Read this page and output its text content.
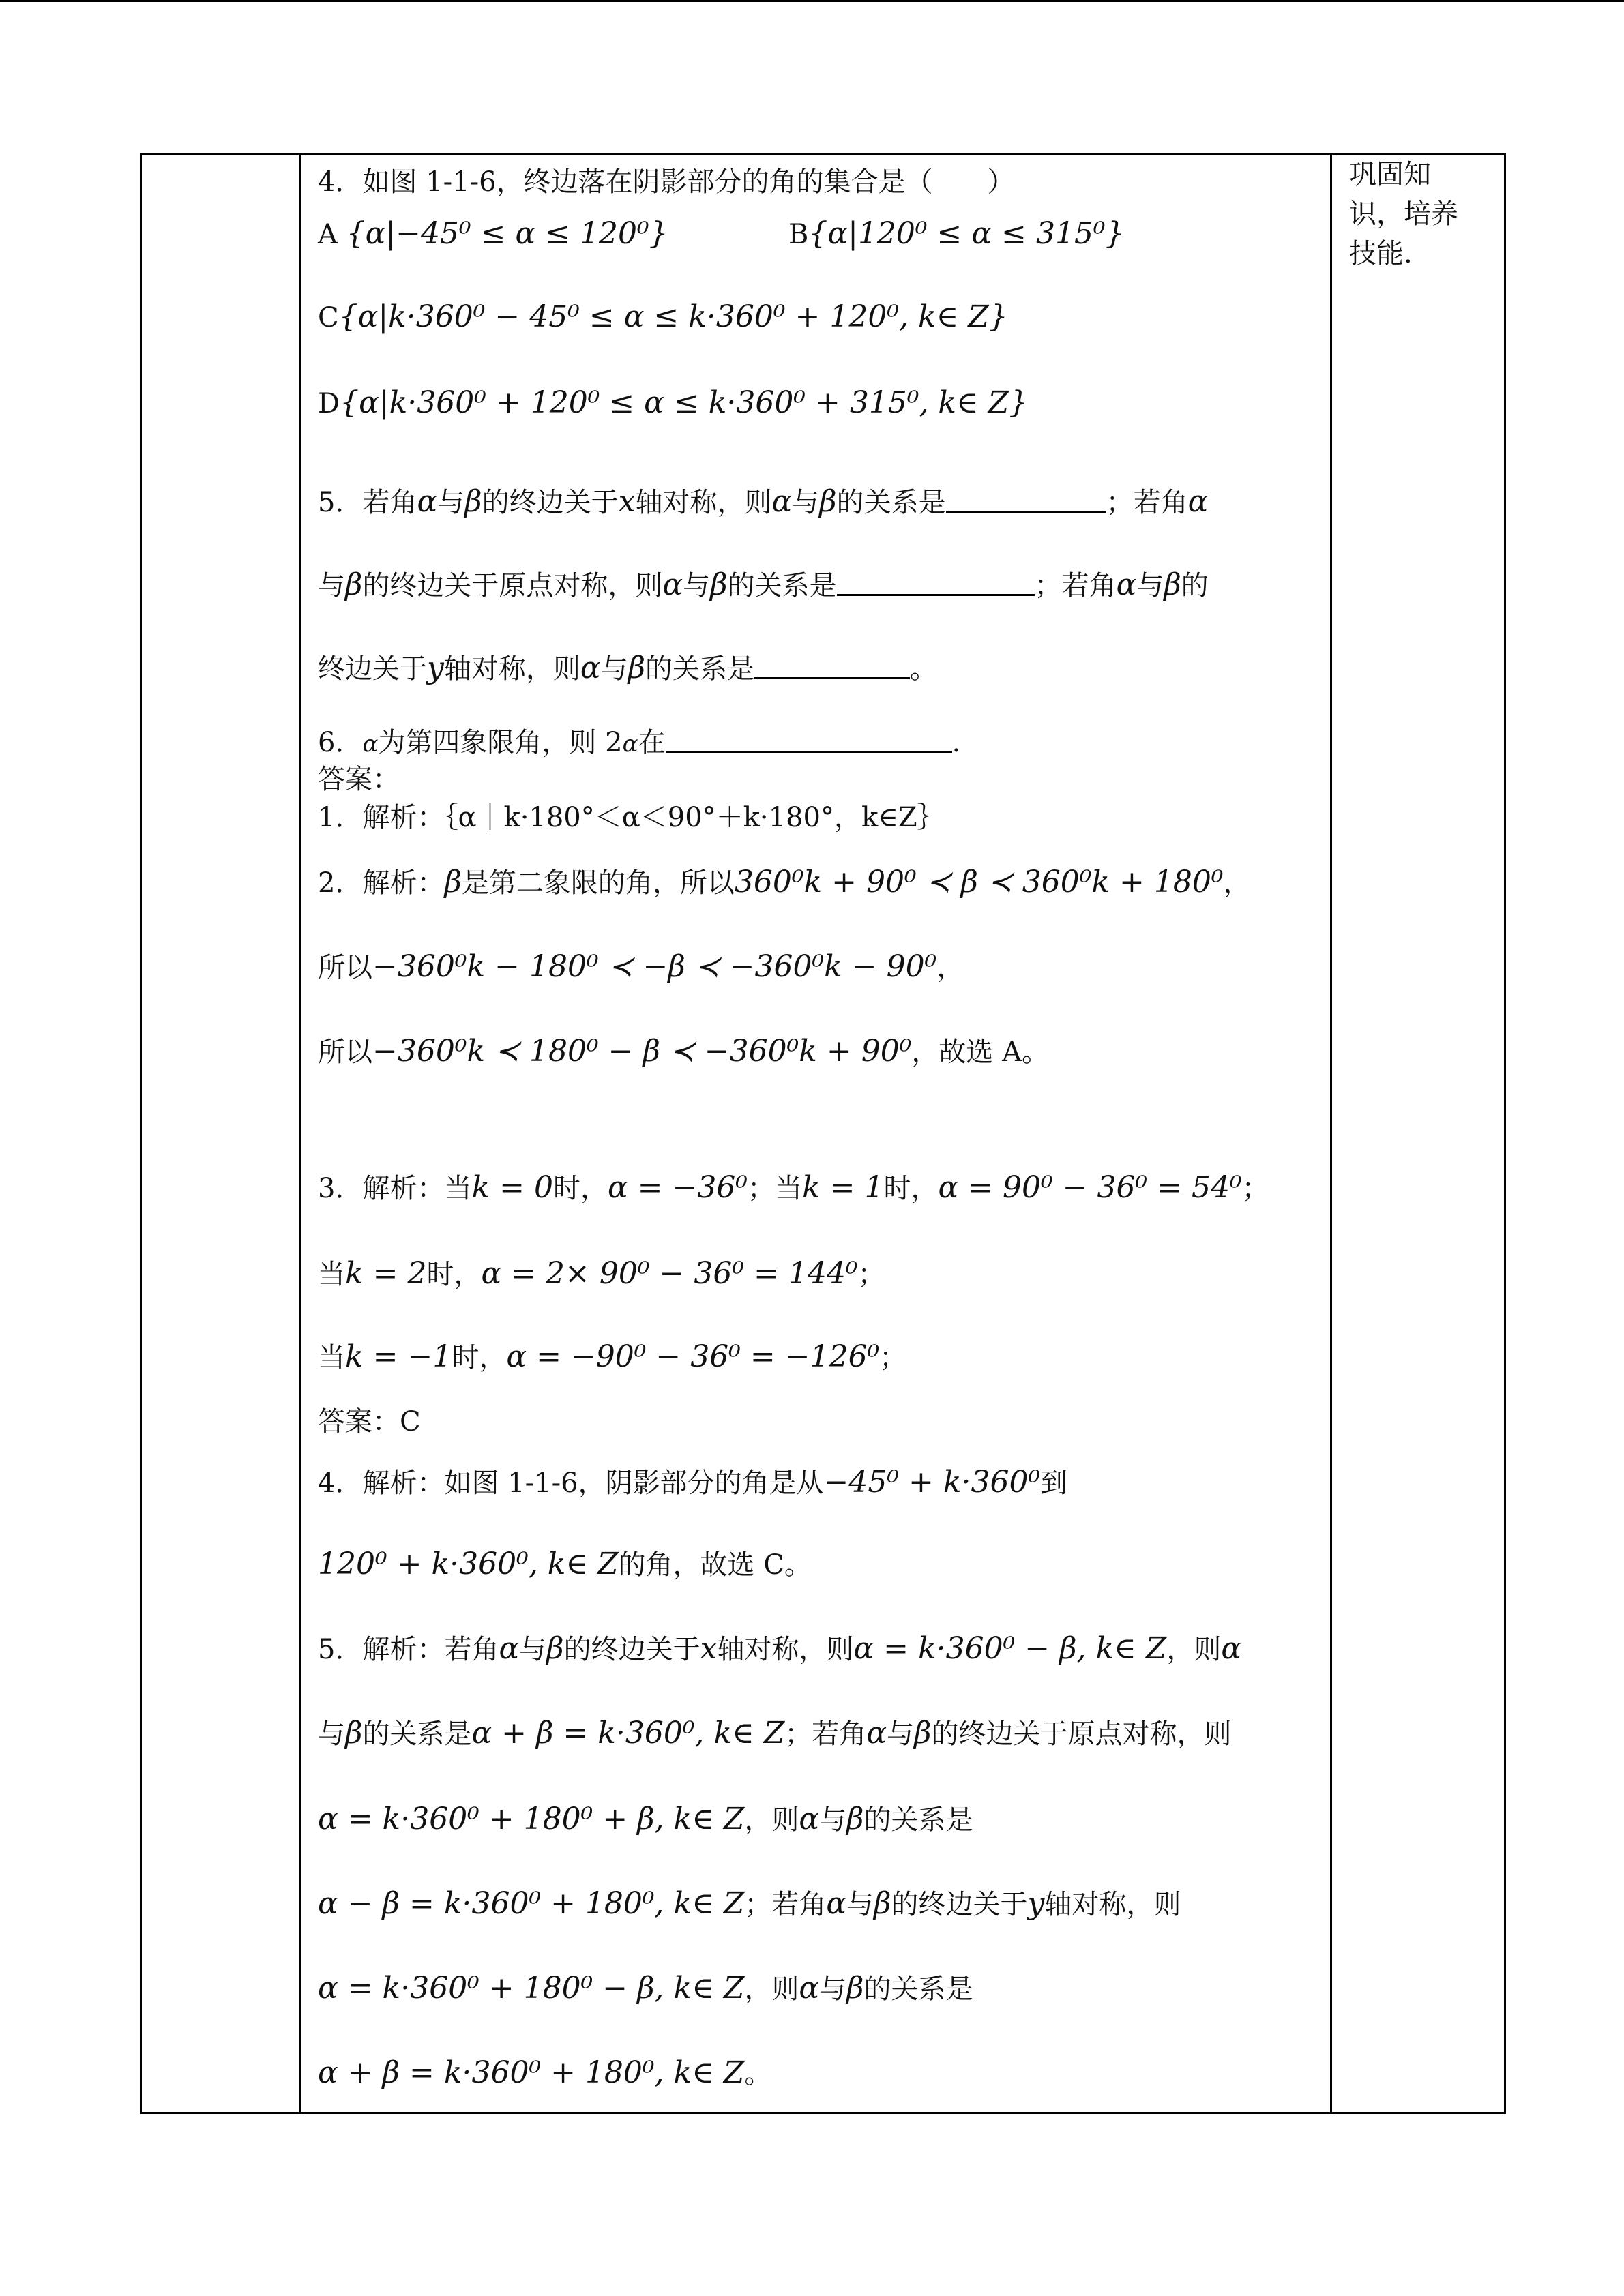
巩固知识，培养技能.
4．如图 1-1-6，终边落在阴影部分的角的集合是（　　）
A {α|−45⁰ ≤ α ≤ 120⁰}	B{α|120⁰ ≤ α ≤ 315⁰}
C{α|k·360⁰ − 45⁰ ≤ α ≤ k·360⁰ + 120⁰, k∈ Z}
D{α|k·360⁰ + 120⁰ ≤ α ≤ k·360⁰ + 315⁰, k∈ Z}
5．若角α与β的终边关于x轴对称，则α与β的关系是	；若角α
与β的终边关于原点对称，则α与β的关系是	；若角α与β的
终边关于y轴对称，则α与β的关系是	。
6．α为第四象限角，则 2α在	.
答案：
1．解析：｛α｜k·180°＜α＜90°＋k·180°，k∈Z｝
2．解析：β是第二象限的角，所以360⁰k + 90⁰ ≺ β ≺ 360⁰k + 180⁰，
所以−360⁰k − 180⁰ ≺ −β ≺ −360⁰k − 90⁰，
所以−360⁰k ≺ 180⁰ − β ≺ −360⁰k + 90⁰，故选 A。
3．解析：当k = 0时，α = −36⁰；当k = 1时，α = 90⁰ − 36⁰ = 54⁰；
当k = 2时，α = 2× 90⁰ − 36⁰ = 144⁰；
当k = −1时，α = −90⁰ − 36⁰ = −126⁰；
答案：C
4．解析：如图 1-1-6，阴影部分的角是从−45⁰ + k·360⁰到
120⁰ + k·360⁰, k∈ Z的角，故选 C。
5．解析：若角α与β的终边关于x轴对称，则α = k·360⁰ − β, k∈ Z，则α
与β的关系是α + β = k·360⁰, k∈ Z；若角α与β的终边关于原点对称，则
α = k·360⁰ + 180⁰ + β, k∈ Z，则α与β的关系是
α − β = k·360⁰ + 180⁰, k∈ Z；若角α与β的终边关于y轴对称，则
α = k·360⁰ + 180⁰ − β, k∈ Z，则α与β的关系是
α + β = k·360⁰ + 180⁰, k∈ Z。
